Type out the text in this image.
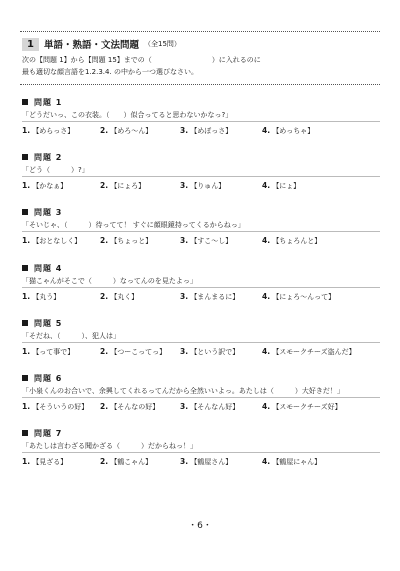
1	単語・熟語・文法問題 （全15問）
次の【問題 1】から【問題 15】までの（	）に入れるのに
最も適切な顔言語を1.2.3.4. の中から一つ選びなさい。
問題 1
「どうだいっ、この衣装。（　　）似合ってると思わないかなっ?」
1. 【めらっさ】	2. 【めろ〜ん】	3. 【めぼっさ】	4. 【めっちゃ】
問題 2
「どう（　　　）?」
1. 【かなぁ】	2. 【にょろ】	3. 【りゅん】	4. 【にょ】
問題 3
「そいじゃ、（　　　）待ってて！ すぐに顔眼鏡持ってくるからねっ」
1. 【おとなしく】 2. 【ちょっと】	3. 【すこ〜し】	4. 【ちょろんと】
問題 4
「猫こゃんがそこで（　　　）なってんのを見たよっ」
1. 【丸う】	2. 【丸く】	3. 【まんまるに】	4. 【にょろ〜んって】
問題 5
「そだね、（　　　）、犯人は」
1. 【って事で】	2. 【つーこってっ】 3. 【という訳で】	4. 【スモークチーズ盗んだ】
問題 6
「小泉くんのお合いで、余興してくれるってんだから全然いいよっ。あたしは（　　　）大好きだ！」
1. 【そういうの好】 2. 【そんなの好】	3. 【そんなん好】	4. 【スモークチーズ好】
問題 7
「あたしは言わざる聞かざる（　　　）だからねっ！」
1. 【見ざる】	2. 【鶴こゃん】	3. 【鶴屋さん】	4. 【鶴屋にゃん】
・6・
